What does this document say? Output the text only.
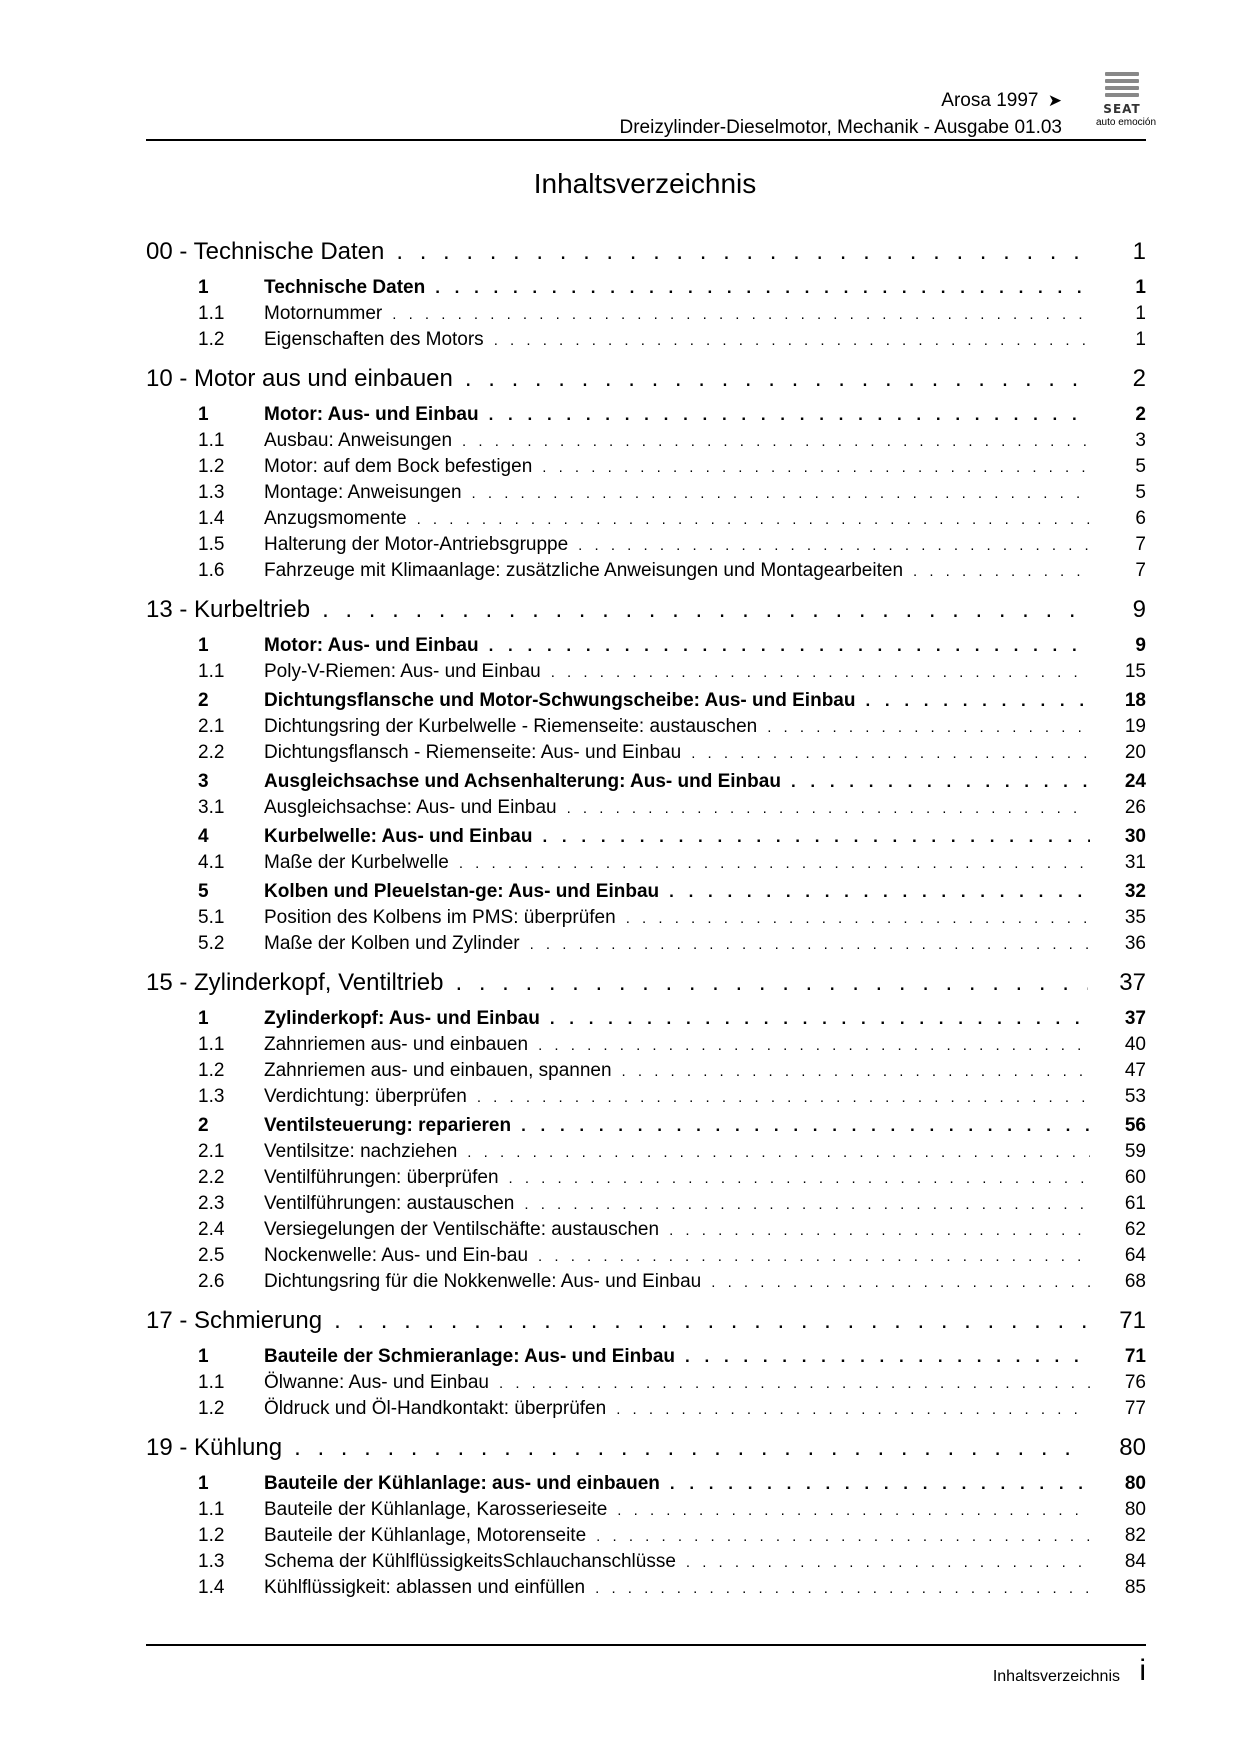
Arosa 1997 ➤
Dreizylinder-Dieselmotor, Mechanik - Ausgabe 01.03
SEAT
auto emoción
Inhaltsverzeichnis
00 - Technische Daten . . .	1
1	Technische Daten . . .	1
1.1	Motornummer . . .	1
1.2	Eigenschaften des Motors . . .	1
10 - Motor aus und einbauen . . .	2
1	Motor: Aus- und Einbau . . .	2
1.1	Ausbau: Anweisungen . . .	3
1.2	Motor: auf dem Bock befestigen . . .	5
1.3	Montage: Anweisungen . . .	5
1.4	Anzugsmomente . . .	6
1.5	Halterung der Motor-Antriebsgruppe . . .	7
1.6	Fahrzeuge mit Klimaanlage: zusätzliche Anweisungen und Montagearbeiten . . .	7
13 - Kurbeltrieb . . .	9
1	Motor: Aus- und Einbau . . .	9
1.1	Poly-V-Riemen: Aus- und Einbau . . .	15
2	Dichtungsflansche und Motor-Schwungscheibe: Aus- und Einbau . . .	18
2.1	Dichtungsring der Kurbelwelle - Riemenseite: austauschen . . .	19
2.2	Dichtungsflansch - Riemenseite: Aus- und Einbau . . .	20
3	Ausgleichsachse und Achsenhalterung: Aus- und Einbau . . .	24
3.1	Ausgleichsachse: Aus- und Einbau . . .	26
4	Kurbelwelle: Aus- und Einbau . . .	30
4.1	Maße der Kurbelwelle . . .	31
5	Kolben und Pleuelstan-ge: Aus- und Einbau . . .	32
5.1	Position des Kolbens im PMS: überprüfen . . .	35
5.2	Maße der Kolben und Zylinder . . .	36
15 - Zylinderkopf, Ventiltrieb . . .	37
1	Zylinderkopf: Aus- und Einbau . . .	37
1.1	Zahnriemen aus- und einbauen . . .	40
1.2	Zahnriemen aus- und einbauen, spannen . . .	47
1.3	Verdichtung: überprüfen . . .	53
2	Ventilsteuerung: reparieren . . .	56
2.1	Ventilsitze: nachziehen . . .	59
2.2	Ventilführungen: überprüfen . . .	60
2.3	Ventilführungen: austauschen . . .	61
2.4	Versiegelungen der Ventilschäfte: austauschen . . .	62
2.5	Nockenwelle: Aus- und Ein-bau . . .	64
2.6	Dichtungsring für die Nokkenwelle: Aus- und Einbau . . .	68
17 - Schmierung . . .	71
1	Bauteile der Schmieranlage: Aus- und Einbau . . .	71
1.1	Ölwanne: Aus- und Einbau . . .	76
1.2	Öldruck und Öl-Handkontakt: überprüfen . . .	77
19 - Kühlung . . .	80
1	Bauteile der Kühlanlage: aus- und einbauen . . .	80
1.1	Bauteile der Kühlanlage, Karosserieseite . . .	80
1.2	Bauteile der Kühlanlage, Motorenseite . . .	82
1.3	Schema der KühlflüssigkeitsSchlauchanschlüsse . . .	84
1.4	Kühlflüssigkeit: ablassen und einfüllen . . .	85
Inhaltsverzeichnis i
